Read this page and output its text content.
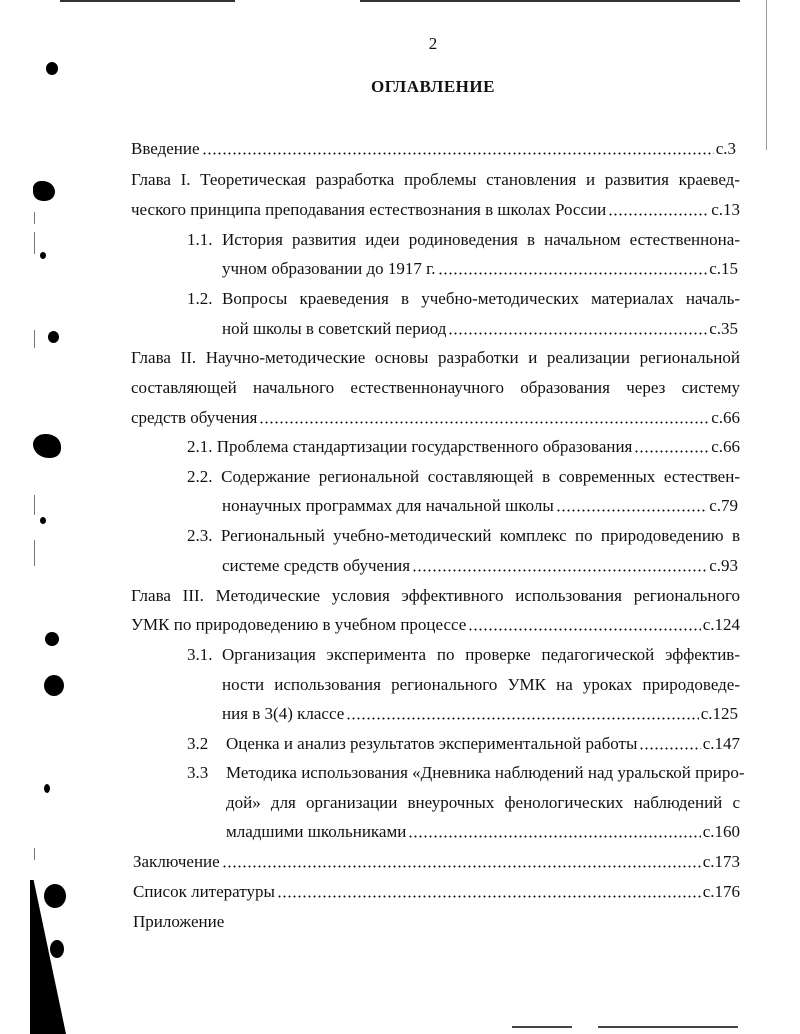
2
ОГЛАВЛЕНИЕ
Введение	с.3
Глава I. Теоретическая разработка проблемы становления и развития краевед-
ческого принципа преподавания естествознания в школах России	с.13
1.1. История развития идеи родиноведения в начальном естественнона-
учном образовании до 1917 г.	с.15
1.2. Вопросы краеведения в учебно-методических материалах началь-
ной школы в советский период	с.35
Глава II. Научно-методические основы разработки и реализации региональной
составляющей начального естественнонаучного образования через систему
средств обучения	с.66
2.1. Проблема стандартизации государственного образования	с.66
2.2. Содержание региональной составляющей в современных естествен-
нонаучных программах для начальной школы	с.79
2.3. Региональный учебно-методический комплекс по природоведению в
системе средств обучения	с.93
Глава III. Методические условия эффективного использования регионального
УМК по природоведению в учебном процессе	с.124
3.1. Организация эксперимента по проверке педагогической эффектив-
ности использования регионального УМК на уроках природоведе-
ния в 3(4) классе	с.125
3.2 Оценка и анализ результатов экспериментальной работы	с.147
3.3 Методика использования «Дневника наблюдений над уральской приро-
дой» для организации внеурочных фенологических наблюдений с
младшими школьниками	с.160
Заключение	с.173
Список литературы	с.176
Приложение
